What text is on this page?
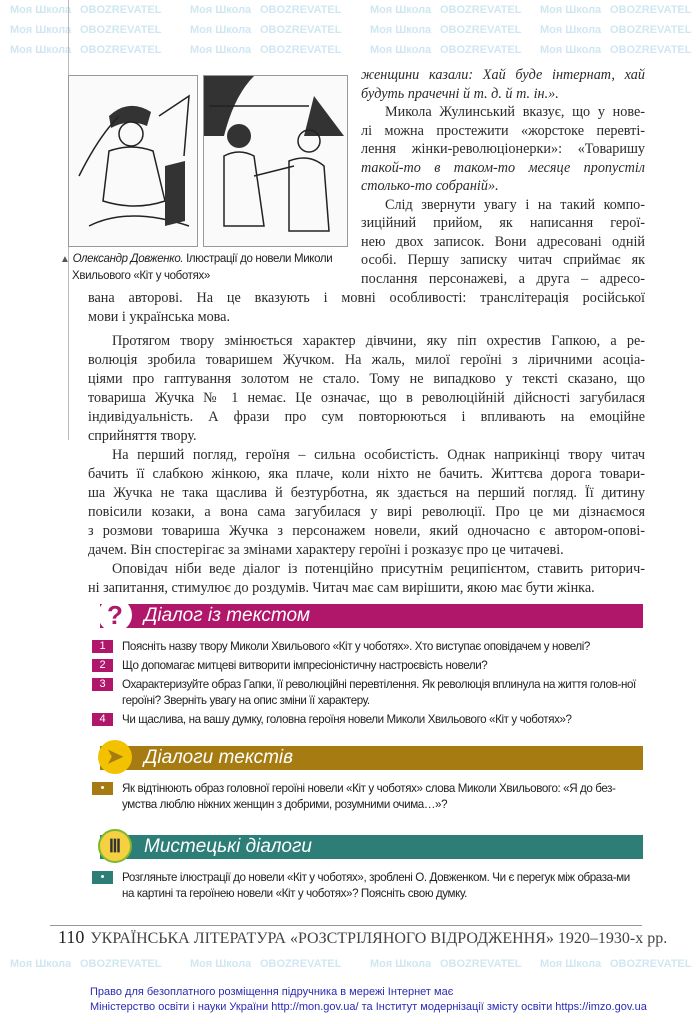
Моя Школа OBOZREVATEL	Моя Школа OBOZREVATEL	Моя Школа OBOZREVATEL Моя Школа OBOZREVATEL
Моя Школа OBOZREVATEL	Моя Школа OBOZREVATEL	Моя Школа OBOZREVATEL Моя Школа OBOZREVATEL
Моя Школа OBOZREVATEL	Моя Школа OBOZREVATEL	Моя Школа OBOZREVATEL Моя Школа OBOZREVATEL
Моя Школа OBOZREVATEL	Моя Школа OBOZREVATEL	Моя Школа OBOZREVATEL Моя Школа OBOZREVATEL
▲ Олександр Довженко. Ілюстрації до новели Миколи
Хвильового «Кіт у чоботях»
женщини казали: Хай буде інтернат, хай
будуть прачечні й т. д. й т. ін.».
Микола Жулинський вказує, що у нове-
лі можна простежити «жорстоке перевті-
лення жінки-революціонерки»: «Товаришу
такой-то в таком-то месяце пропустіл
столько-то собраній».
Слід звернути увагу і на такий компо-
зиційний прийом, як написання герої-
нею двох записок. Вони адресовані одній
особі. Першу записку читач сприймає як
послання персонажеві, а друга – адресо-
вана авторові. На це вказують і мовні особливості: транслітерація російської
мови і українська мова.
Протягом твору змінюється характер дівчини, яку піп охрестив Гапкою, а ре-
волюція зробила товаришем Жучком. На жаль, милої героїні з ліричними асоціа-
ціями про гаптування золотом не стало. Тому не випадково у тексті сказано, що
товариша Жучка № 1 немає. Це означає, що в революційній дійсності загубилася
індивідуальність. А фрази про сум повторюються і впливають на емоційне
сприйняття твору.
На перший погляд, героїня – сильна особистість. Однак наприкінці твору читач
бачить її слабкою жінкою, яка плаче, коли ніхто не бачить. Життєва дорога товари-
ша Жучка не така щаслива й безтурботна, як здається на перший погляд. Її дитину
повісили козаки, а вона сама загубилася у вирі революції. Про це ми дізнаємося
з розмови товариша Жучка з персонажем новели, який одночасно є автором-опові-
дачем. Він спостерігає за змінами характеру героїні і розказує про це читачеві.
Оповідач ніби веде діалог із потенційно присутнім реципієнтом, ставить риторич-
ні запитання, стимулює до роздумів. Читач має сам вирішити, якою має бути жінка.
?	Діалог із текстом
1	Поясніть назву твору Миколи Хвильового «Кіт у чоботях». Хто виступає оповідачем у новелі?
2	Що допомагає митцеві витворити імпресіоністичну настроєвість новели?
3	Охарактеризуйте образ Гапки, її революційні перевтілення. Як революція вплинула на життя голов-ної героїні? Зверніть увагу на опис зміни її характеру.
4	Чи щаслива, на вашу думку, головна героїня новели Миколи Хвильового «Кіт у чоботях»?
➤	Діалоги текстів
•	Як відтінюють образ головної героїні новели «Кіт у чоботях» слова Миколи Хвильового: «Я до без-умства люблю ніжних женщин з добрими, розумними очима…»?
Ⅲ	Мистецькі діалоги
•	Розгляньте ілюстрації до новели «Кіт у чоботях», зроблені О. Довженком. Чи є перегук між образа-ми на картині та героїнею новели «Кіт у чоботях»? Поясніть свою думку.
110 УКРАЇНСЬКА ЛІТЕРАТУРА «РОЗСТРІЛЯНОГО ВІДРОДЖЕННЯ» 1920–1930-х рр.
Право для безоплатного розміщення підручника в мережі Інтернет має
Міністерство освіти і науки України http://mon.gov.ua/ та Інститут модернізації змісту освіти https://imzo.gov.ua
